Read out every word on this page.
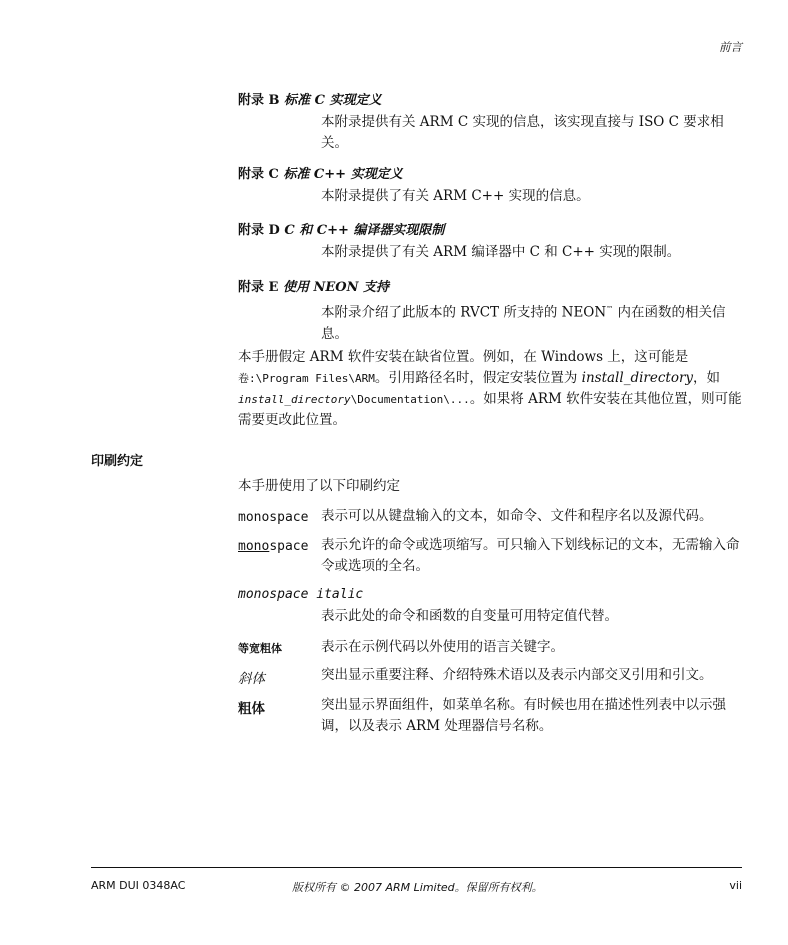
前言
附录 B 标准 C 实现定义
本附录提供有关 ARM C 实现的信息，该实现直接与 ISO C 要求相关。
附录 C 标准 C++ 实现定义
本附录提供了有关 ARM C++ 实现的信息。
附录 D C 和 C++ 编译器实现限制
本附录提供了有关 ARM 编译器中 C 和 C++ 实现的限制。
附录 E 使用 NEON 支持
本附录介绍了此版本的 RVCT 所支持的 NEON™ 内在函数的相关信息。
本手册假定 ARM 软件安装在缺省位置。例如，在 Windows 上，这可能是
卷:\Program Files\ARM。引用路径名时，假定安装位置为 install_directory，如
install_directory\Documentation\...。如果将 ARM 软件安装在其他位置，则可能需要更改此位置。
印刷约定
本手册使用了以下印刷约定
monospace 表示可以从键盘输入的文本，如命令、文件和程序名以及源代码。
monospace 表示允许的命令或选项缩写。可只输入下划线标记的文本，无需输入命令或选项的全名。
monospace italic
表示此处的命令和函数的自变量可用特定值代替。
等宽粗体	表示在示例代码以外使用的语言关键字。
斜体	突出显示重要注释、介绍特殊术语以及表示内部交叉引用和引文。
粗体	突出显示界面组件，如菜单名称。有时候也用在描述性列表中以示强调，以及表示 ARM 处理器信号名称。
ARM DUI 0348AC	版权所有 © 2007 ARM Limited。保留所有权利。	vii
